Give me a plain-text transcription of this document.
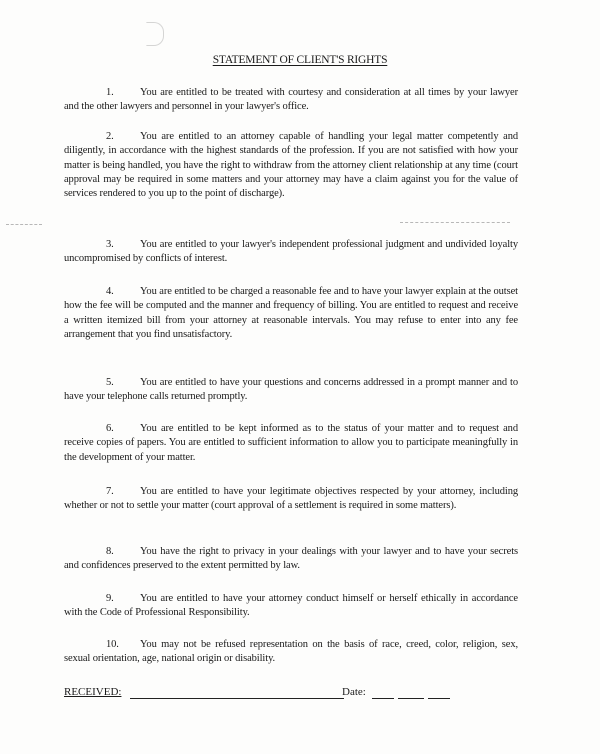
STATEMENT OF CLIENT'S RIGHTS

1.	You are entitled to be treated with courtesy and consideration at all times by your lawyer and the other lawyers and personnel in your lawyer's office.

2.	You are entitled to an attorney capable of handling your legal matter competently and diligently, in accordance with the highest standards of the profession. If you are not satisfied with how your matter is being handled, you have the right to withdraw from the attorney client relationship at any time (court approval may be required in some matters and your attorney may have a claim against you for the value of services rendered to you up to the point of discharge).

3.	You are entitled to your lawyer's independent professional judgment and undivided loyalty uncompromised by conflicts of interest.

4.	You are entitled to be charged a reasonable fee and to have your lawyer explain at the outset how the fee will be computed and the manner and frequency of billing. You are entitled to request and receive a written itemized bill from your attorney at reasonable intervals. You may refuse to enter into any fee arrangement that you find unsatisfactory.

5.	You are entitled to have your questions and concerns addressed in a prompt manner and to have your telephone calls returned promptly.

6.	You are entitled to be kept informed as to the status of your matter and to request and receive copies of papers. You are entitled to sufficient information to allow you to participate meaningfully in the development of your matter.

7.	You are entitled to have your legitimate objectives respected by your attorney, including whether or not to settle your matter (court approval of a settlement is required in some matters).

8.	You have the right to privacy in your dealings with your lawyer and to have your secrets and confidences preserved to the extent permitted by law.

9.	You are entitled to have your attorney conduct himself or herself ethically in accordance with the Code of Professional Responsibility.

10. You may not be refused representation on the basis of race, creed, color, religion, sex, sexual orientation, age, national origin or disability.

RECEIVED:	Date:
